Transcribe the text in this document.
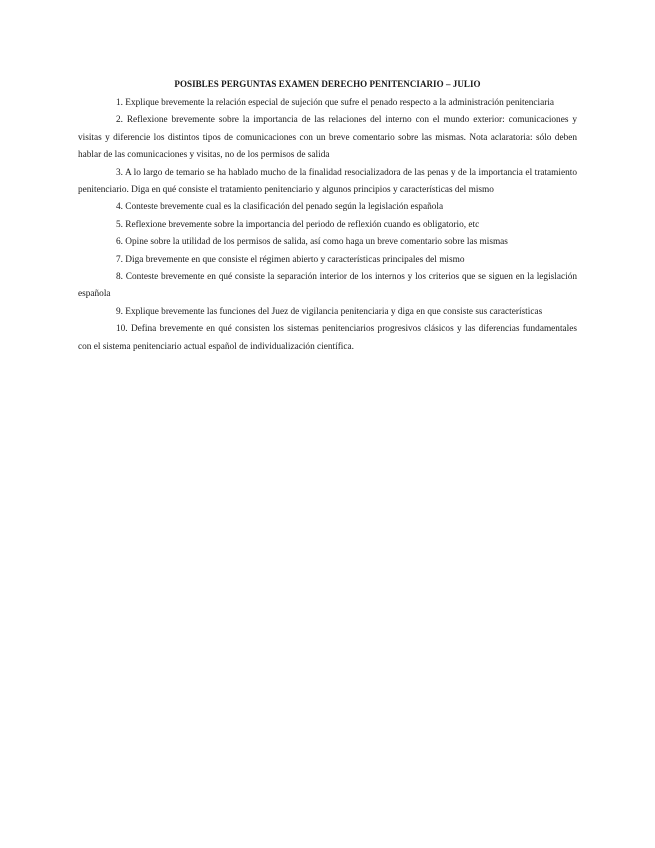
POSIBLES PERGUNTAS EXAMEN DERECHO PENITENCIARIO – JULIO

1. Explique brevemente la relación especial de sujeción que sufre el penado respecto a la administración penitenciaria

2. Reflexione brevemente sobre la importancia de las relaciones del interno con el mundo exterior: comunicaciones y visitas y diferencie los distintos tipos de comunicaciones con un breve comentario sobre las mismas. Nota aclaratoria: sólo deben hablar de las comunicaciones y visitas, no de los permisos de salida

3. A lo largo de temario se ha hablado mucho de la finalidad resocializadora de las penas y de la importancia el tratamiento penitenciario. Diga en qué consiste el tratamiento penitenciario y algunos principios y características del mismo

4. Conteste brevemente cual es la clasificación del penado según la legislación española

5. Reflexione brevemente sobre la importancia del periodo de reflexión cuando es obligatorio, etc

6. Opine sobre la utilidad de los permisos de salida, así como haga un breve comentario sobre las mismas

7. Diga brevemente en que consiste el régimen abierto y características principales del mismo

8. Conteste brevemente en qué consiste la separación interior de los internos y los criterios que se siguen en la legislación española

9. Explique brevemente las funciones del Juez de vigilancia penitenciaria y diga en que consiste sus características

10. Defina brevemente en qué consisten los sistemas penitenciarios progresivos clásicos y las diferencias fundamentales con el sistema penitenciario actual español de individualización científica.
